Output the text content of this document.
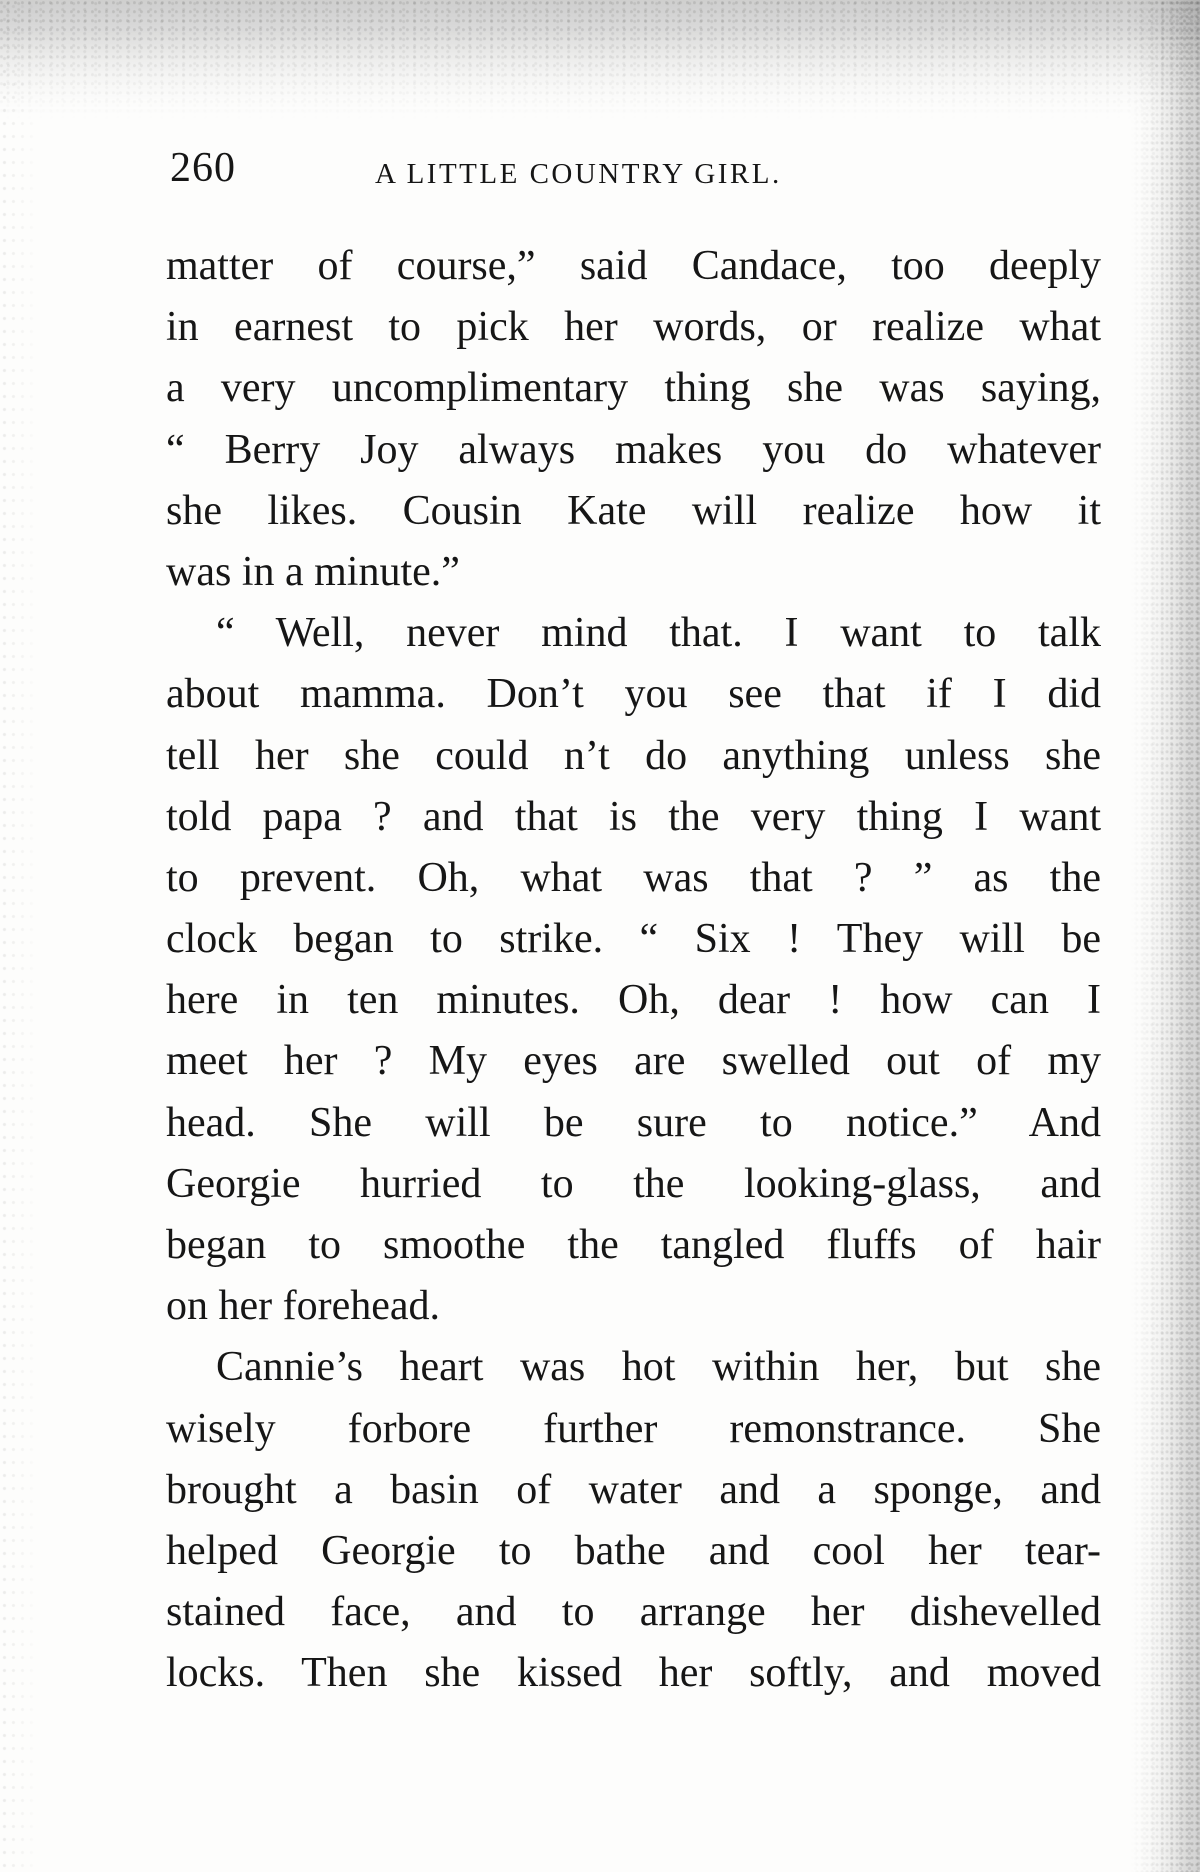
260	A LITTLE COUNTRY GIRL.
matter of course,” said Candace, too deeply
in earnest to pick her words, or realize what
a very uncomplimentary thing she was saying,
“ Berry Joy always makes you do whatever
she likes. Cousin Kate will realize how it
was in a minute.”
“ Well, never mind that. I want to talk
about mamma. Don’t you see that if I did
tell her she could n’t do anything unless she
told papa ? and that is the very thing I want
to prevent. Oh, what was that ? ” as the
clock began to strike. “ Six ! They will be
here in ten minutes. Oh, dear ! how can I
meet her ? My eyes are swelled out of my
head. She will be sure to notice.” And
Georgie hurried to the looking-glass, and
began to smoothe the tangled fluffs of hair
on her forehead.
Cannie’s heart was hot within her, but she
wisely forbore further remonstrance. She
brought a basin of water and a sponge, and
helped Georgie to bathe and cool her tear-
stained face, and to arrange her dishevelled
locks. Then she kissed her softly, and moved
